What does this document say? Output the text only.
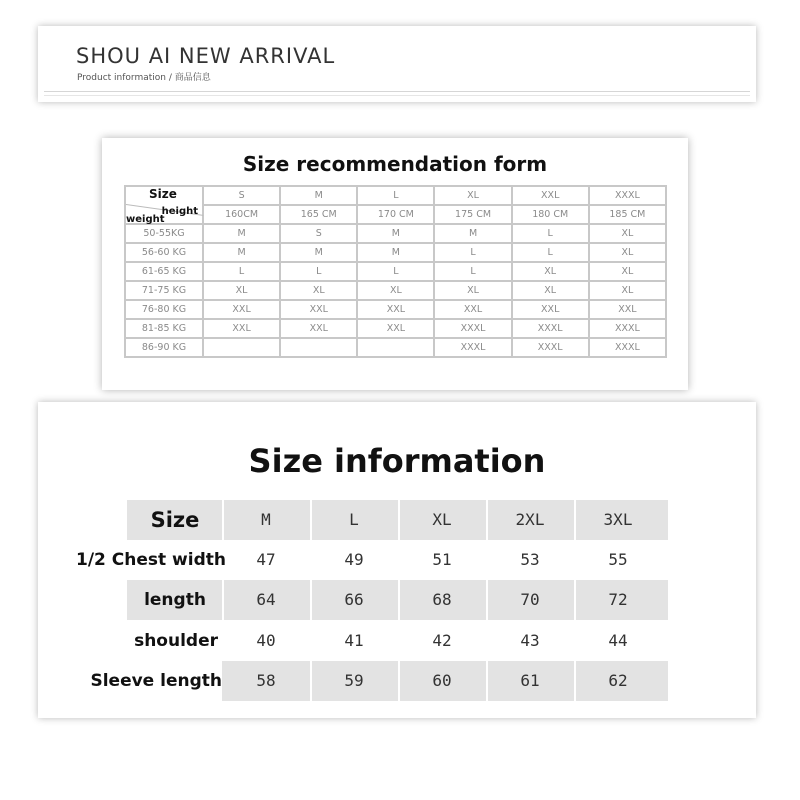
SHOU AI NEW ARRIVAL
Product information / 商品信息
Size recommendation form
Size
height
weight	S	M	L	XL	XXL	XXXL
	160CM	165 CM	170 CM	175 CM	180 CM	185 CM
50-55KG	M	S	M	M	L	XL
56-60 KG	M	M	M	L	L	XL
61-65 KG	L	L	L	L	XL	XL
71-75 KG	XL	XL	XL	XL	XL	XL
76-80 KG	XXL	XXL	XXL	XXL	XXL	XXL
81-85 KG	XXL	XXL	XXL	XXXL	XXXL	XXXL
86-90 KG				XXXL	XXXL	XXXL
Size information
Size	M	L	XL	2XL	3XL
1/2 Chest width	47	49	51	53	55
length	64	66	68	70	72
shoulder	40	41	42	43	44
Sleeve length	58	59	60	61	62
